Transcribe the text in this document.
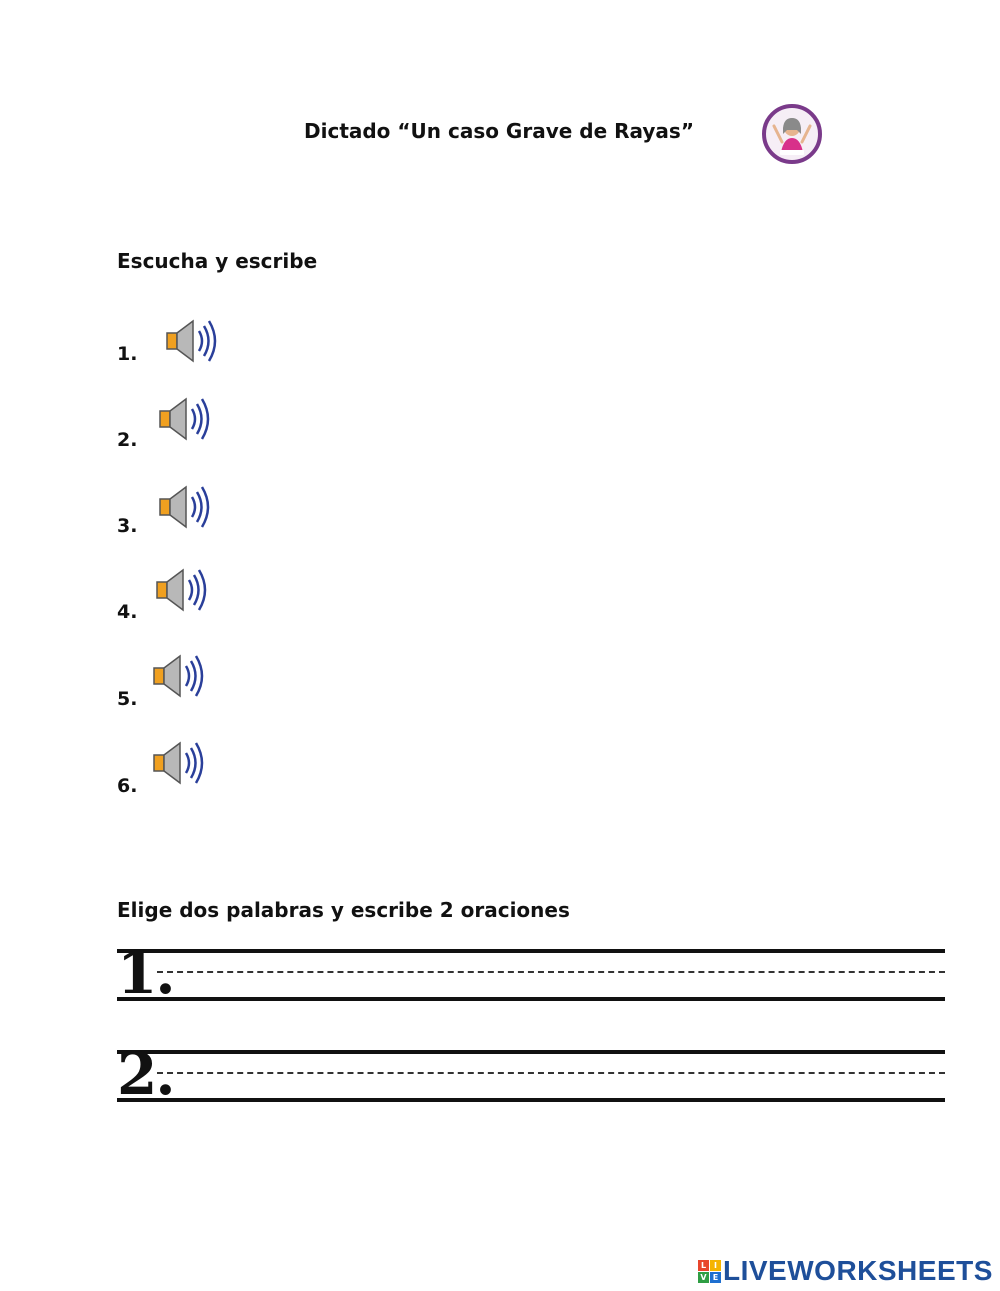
Dictado “Un caso Grave de Rayas”
Escucha y escribe
1.
2.
3.
4.
5.
6.
Elige dos palabras y escribe 2 oraciones
1.
2.
L I
V E LIVEWORKSHEETS
